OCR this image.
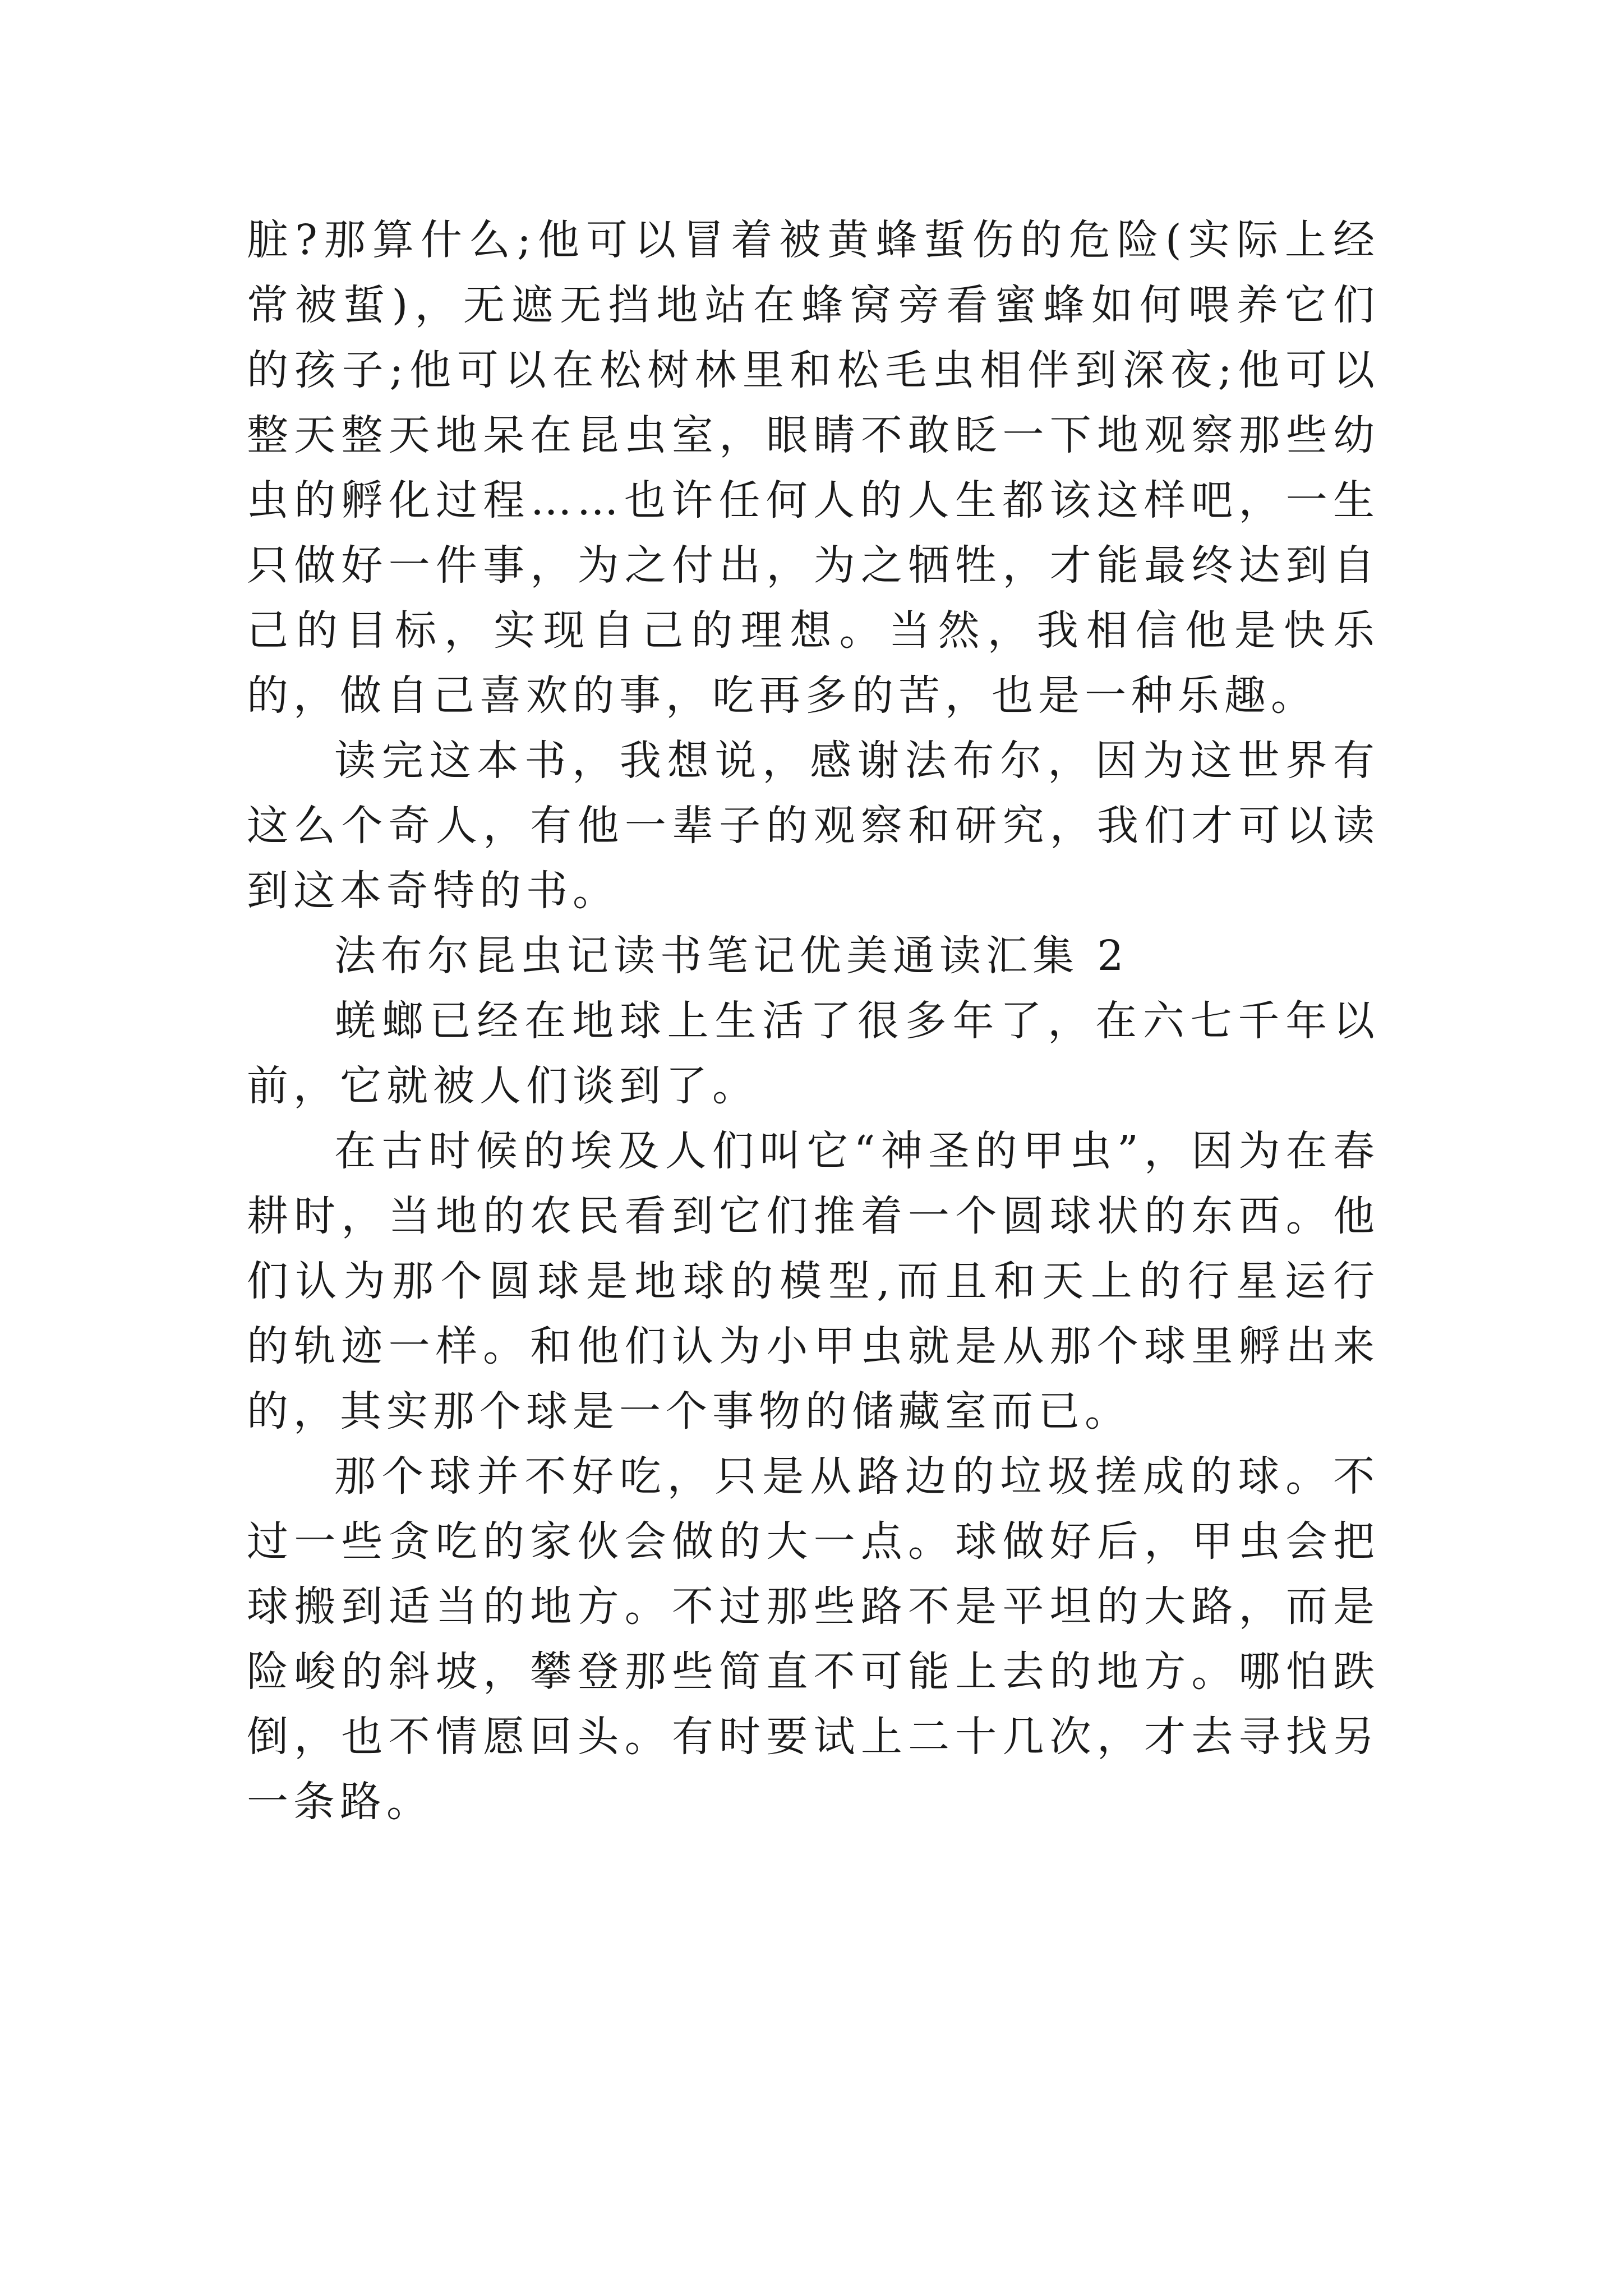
脏?那算什么;他可以冒着被黄蜂蜇伤的危险(实际上经常被蜇)，无遮无挡地站在蜂窝旁看蜜蜂如何喂养它们的孩子;他可以在松树林里和松毛虫相伴到深夜;他可以整天整天地呆在昆虫室，眼睛不敢眨一下地观察那些幼虫的孵化过程……也许任何人的人生都该这样吧，一生只做好一件事，为之付出，为之牺牲，才能最终达到自己的目标，实现自己的理想。当然，我相信他是快乐的，做自己喜欢的事，吃再多的苦，也是一种乐趣。

读完这本书，我想说，感谢法布尔，因为这世界有这么个奇人，有他一辈子的观察和研究，我们才可以读到这本奇特的书。

法布尔昆虫记读书笔记优美通读汇集 2

蜣螂已经在地球上生活了很多年了，在六七千年以前，它就被人们谈到了。

在古时候的埃及人们叫它“神圣的甲虫”，因为在春耕时，当地的农民看到它们推着一个圆球状的东西。他们认为那个圆球是地球的模型,而且和天上的行星运行的轨迹一样。和他们认为小甲虫就是从那个球里孵出来的，其实那个球是一个事物的储藏室而已。

那个球并不好吃，只是从路边的垃圾搓成的球。不过一些贪吃的家伙会做的大一点。球做好后，甲虫会把球搬到适当的地方。不过那些路不是平坦的大路，而是险峻的斜坡，攀登那些简直不可能上去的地方。哪怕跌倒，也不情愿回头。有时要试上二十几次，才去寻找另一条路。
